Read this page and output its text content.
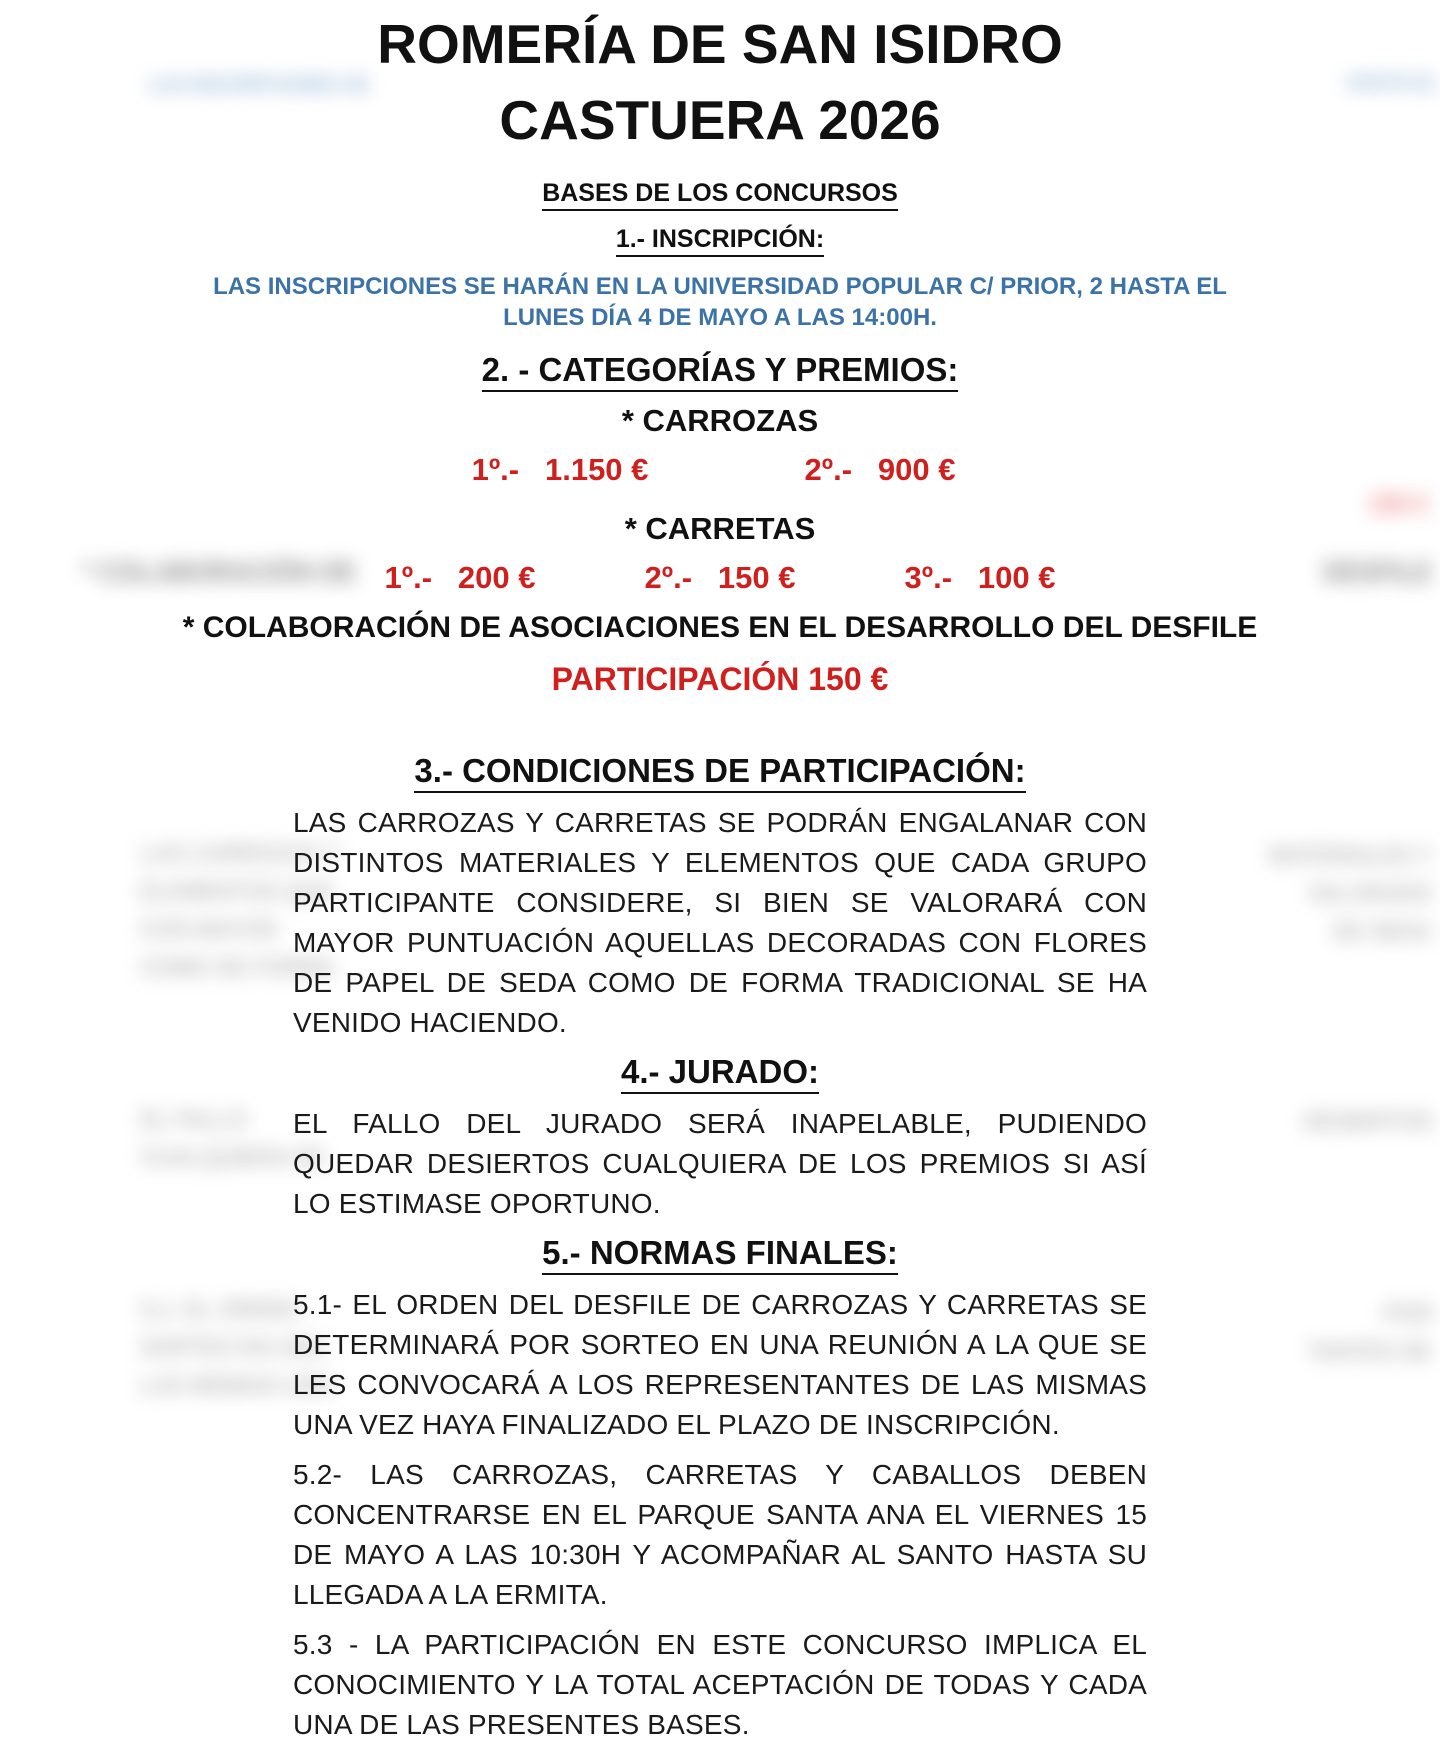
LAS INSCRIPCIONES SE
* COLABORACIÓN DE
LAS CARROZAS Y
ELEMENTOS QUE
CON MAYOR
COMO DE FORMA
EL FALLO
CUALQUIERA DE
5.1- EL ORDEN
SORTEO EN UNA
LAS MISMAS UNA
HASTA EL
150 €
DESFILE
MATERIALES Y
VALORARÁ
DE SEDA
DESIERTOS
POR
TANTES DE
ROMERÍA DE SAN ISIDRO
CASTUERA 2026
BASES DE LOS CONCURSOS
1.- INSCRIPCIÓN:
LAS INSCRIPCIONES SE HARÁN EN LA UNIVERSIDAD POPULAR C/ PRIOR, 2 HASTA EL
LUNES DÍA 4 DE MAYO A LAS 14:00H.
2. - CATEGORÍAS Y PREMIOS:
* CARROZAS
1º.- 1.150 €	2º.- 900 €
* CARRETAS
1º.- 200 €	2º.- 150 €	3º.- 100 €
* COLABORACIÓN DE ASOCIACIONES EN EL DESARROLLO DEL DESFILE
PARTICIPACIÓN 150 €
3.- CONDICIONES DE PARTICIPACIÓN:
LAS CARROZAS Y CARRETAS SE PODRÁN ENGALANAR CON DISTINTOS MATERIALES Y ELEMENTOS QUE CADA GRUPO PARTICIPANTE CONSIDERE, SI BIEN SE VALORARÁ CON MAYOR PUNTUACIÓN AQUELLAS DECORADAS CON FLORES DE PAPEL DE SEDA COMO DE FORMA TRADICIONAL SE HA VENIDO HACIENDO.
4.- JURADO:
EL FALLO DEL JURADO SERÁ INAPELABLE, PUDIENDO QUEDAR DESIERTOS CUALQUIERA DE LOS PREMIOS SI ASÍ LO ESTIMASE OPORTUNO.
5.- NORMAS FINALES:
5.1- EL ORDEN DEL DESFILE DE CARROZAS Y CARRETAS SE DETERMINARÁ POR SORTEO EN UNA REUNIÓN A LA QUE SE LES CONVOCARÁ A LOS REPRESENTANTES DE LAS MISMAS UNA VEZ HAYA FINALIZADO EL PLAZO DE INSCRIPCIÓN.
5.2- LAS CARROZAS, CARRETAS Y CABALLOS DEBEN CONCENTRARSE EN EL PARQUE SANTA ANA EL VIERNES 15 DE MAYO A LAS 10:30H Y ACOMPAÑAR AL SANTO HASTA SU LLEGADA A LA ERMITA.
5.3 - LA PARTICIPACIÓN EN ESTE CONCURSO IMPLICA EL CONOCIMIENTO Y LA TOTAL ACEPTACIÓN DE TODAS Y CADA UNA DE LAS PRESENTES BASES.
